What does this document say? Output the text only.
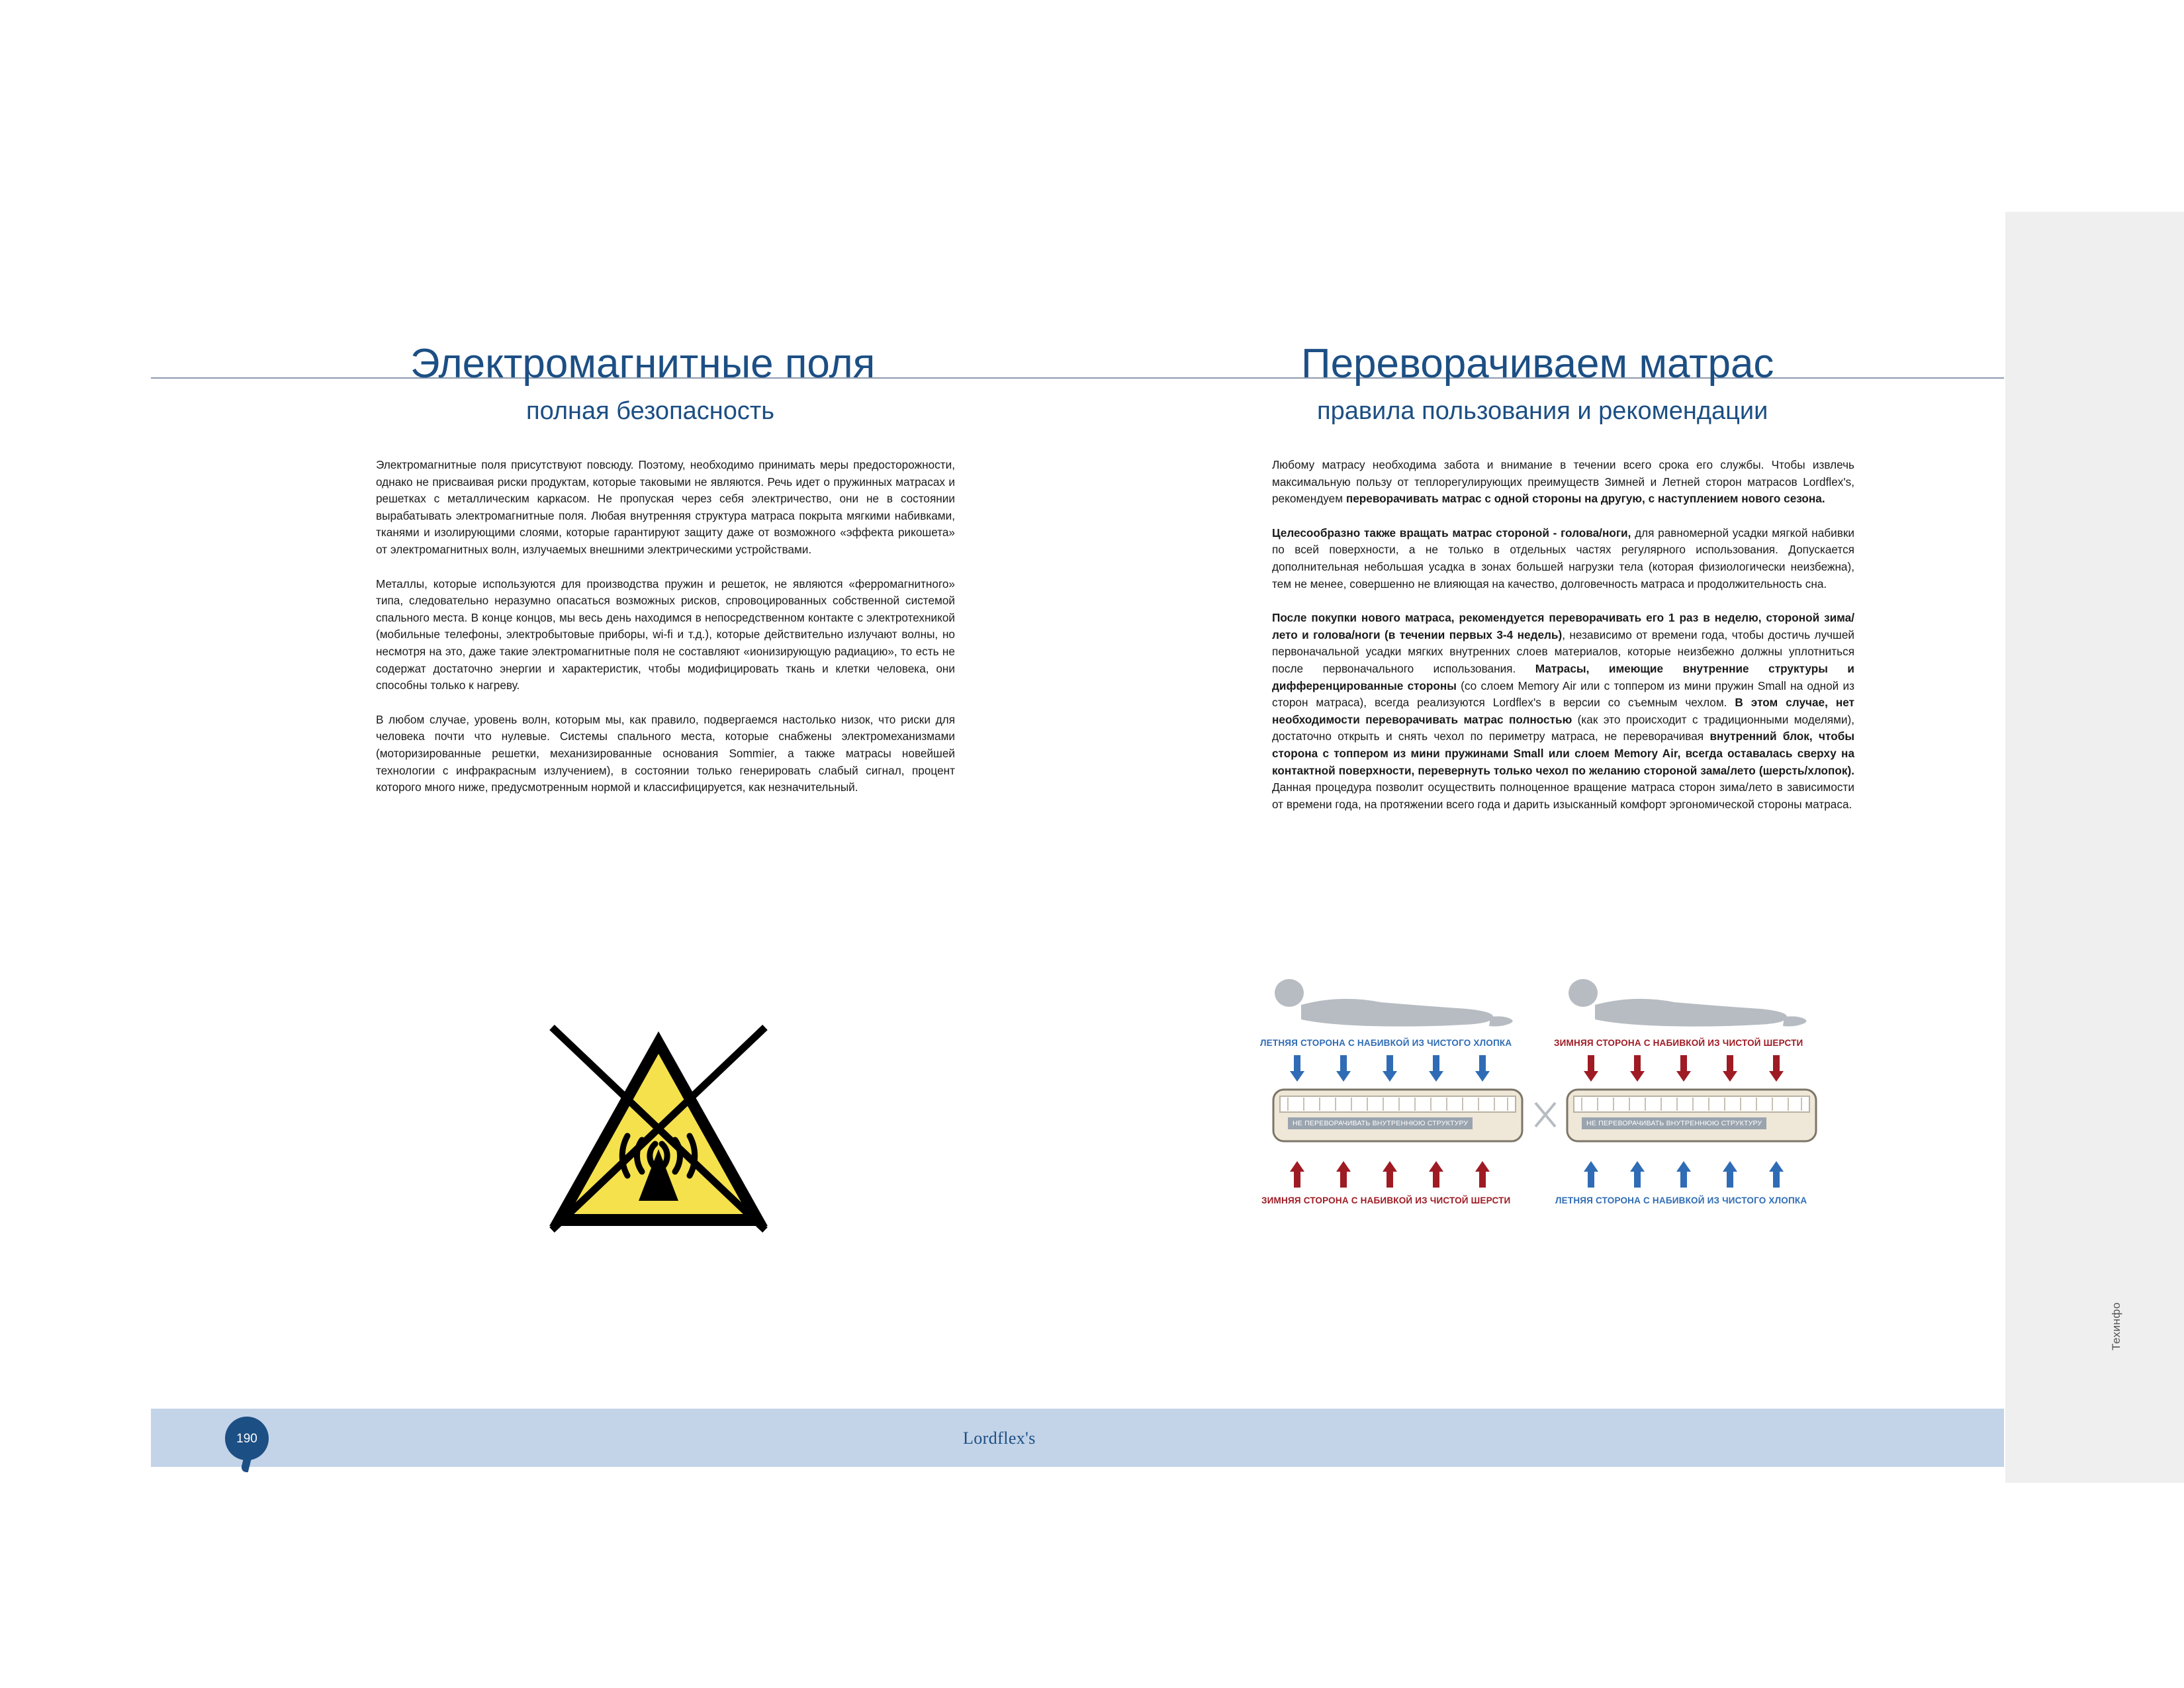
Техинфо
Электромагнитные поля	Переворачиваем матрас
полная безопасность	правила пользования и рекомендации

Электромагнитные поля присутствуют повсюду. Поэтому, необходимо принимать меры предосторожности, однако не присваивая риски продуктам, которые таковыми не являются. Речь идет о пружинных матрасах и решетках с металлическим каркасом. Не пропуская через себя электричество, они не в состоянии вырабатывать электромагнитные поля. Любая внутренняя структура матраса покрыта мягкими набивками, тканями и изолирующими слоями, которые гарантируют защиту даже от возможного «эффекта рикошета» от электромагнитных волн, излучаемых внешними электрическими устройствами.

Металлы, которые используются для производства пружин и решеток, не являются «ферромагнитного» типа, следовательно неразумно опасаться возможных рисков, спровоцированных собственной системой спального места. В конце концов, мы весь день находимся в непосредственном контакте с электротехникой (мобильные телефоны, электробытовые приборы, wi-fi и т.д.), которые действительно излучают волны, но несмотря на это, даже такие электромагнитные поля не составляют «ионизирующую радиацию», то есть не содержат достаточно энергии и характеристик, чтобы модифицировать ткань и клетки человека, они способны только к нагреву.

В любом случае, уровень волн, которым мы, как правило, подвергаемся настолько низок, что риски для человека почти что нулевые. Системы спального места, которые снабжены электромеханизмами (моторизированные решетки, механизированные основания Sommier, а также матрасы новейшей технологии с инфракрасным излучением), в состоянии только генерировать слабый сигнал, процент которого много ниже, предусмотренным нормой и классифицируется, как незначительный.

Любому матрасу необходима забота и внимание в течении всего срока его службы. Чтобы извлечь максимальную пользу от теплорегулирующих преимуществ Зимней и Летней сторон матрасов Lordflex's, рекомендуем переворачивать матрас с одной стороны на другую, с наступлением нового сезона.

Целесообразно также вращать матрас стороной - голова/ноги, для равномерной усадки мягкой набивки по всей поверхности, а не только в отдельных частях регулярного использования. Допускается дополнительная небольшая усадка в зонах большей нагрузки тела (которая физиологически неизбежна), тем не менее, совершенно не влияющая на качество, долговечность матраса и продолжительность сна.

После покупки нового матраса, рекомендуется переворачивать его 1 раз в неделю, стороной зима/лето и голова/ноги (в течении первых 3-4 недель), независимо от времени года, чтобы достичь лучшей первоначальной усадки мягких внутренних слоев материалов, которые неизбежно должны уплотниться после первоначального использования. Матрасы, имеющие внутренние структуры и дифференцированные стороны (со слоем Memory Air или с топпером из мини пружин Small на одной из сторон матраса), всегда реализуются Lordflex's в версии со съемным чехлом. В этом случае, нет необходимости переворачивать матрас полностью (как это происходит с традиционными моделями), достаточно открыть и снять чехол по периметру матраса, не переворачивая внутренний блок, чтобы сторона с топпером из мини пружинами Small или слоем Memory Air, всегда оставалась сверху на контактной поверхности, перевернуть только чехол по желанию стороной зама/лето (шерсть/хлопок). Данная процедура позволит осуществить полноценное вращение матраса сторон зима/лето в зависимости от времени года, на протяжении всего года и дарить изысканный комфорт эргономической стороны матраса.

ЛЕТНЯЯ СТОРОНА С НАБИВКОЙ ИЗ ЧИСТОГО ХЛОПКА	ЗИМНЯЯ СТОРОНА С НАБИВКОЙ ИЗ ЧИСТОЙ ШЕРСТИ
НЕ ПЕРЕВОРАЧИВАТЬ ВНУТРЕННЮЮ СТРУКТУРУ	НЕ ПЕРЕВОРАЧИВАТЬ ВНУТРЕННЮЮ СТРУКТУРУ
ЗИМНЯЯ СТОРОНА С НАБИВКОЙ ИЗ ЧИСТОЙ ШЕРСТИ	ЛЕТНЯЯ СТОРОНА С НАБИВКОЙ ИЗ ЧИСТОГО ХЛОПКА
190	Lordflex's
